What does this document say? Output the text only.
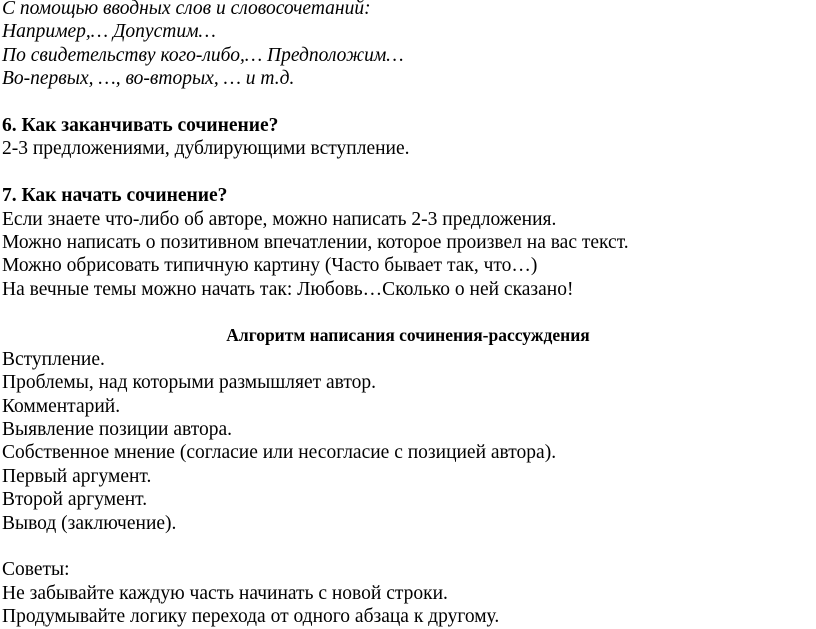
С помощью вводных слов и словосочетаний:
Например,… Допустим…
По свидетельству кого-либо,… Предположим…
Во-первых, …, во-вторых, … и т.д.
6. Как заканчивать сочинение?
2-3 предложениями, дублирующими вступление.
7. Как начать сочинение?
Если знаете что-либо об авторе, можно написать 2-3 предложения.
Можно написать о позитивном впечатлении, которое произвел на вас текст.
Можно обрисовать типичную картину (Часто бывает так, что…)
На вечные темы можно начать так: Любовь…Сколько о ней сказано!
Алгоритм написания сочинения-рассуждения
Вступление.
Проблемы, над которыми размышляет автор.
Комментарий.
Выявление позиции автора.
Собственное мнение (согласие или несогласие с позицией автора).
Первый аргумент.
Второй аргумент.
Вывод (заключение).
Советы:
Не забывайте каждую часть начинать с новой строки.
Продумывайте логику перехода от одного абзаца к другому.
